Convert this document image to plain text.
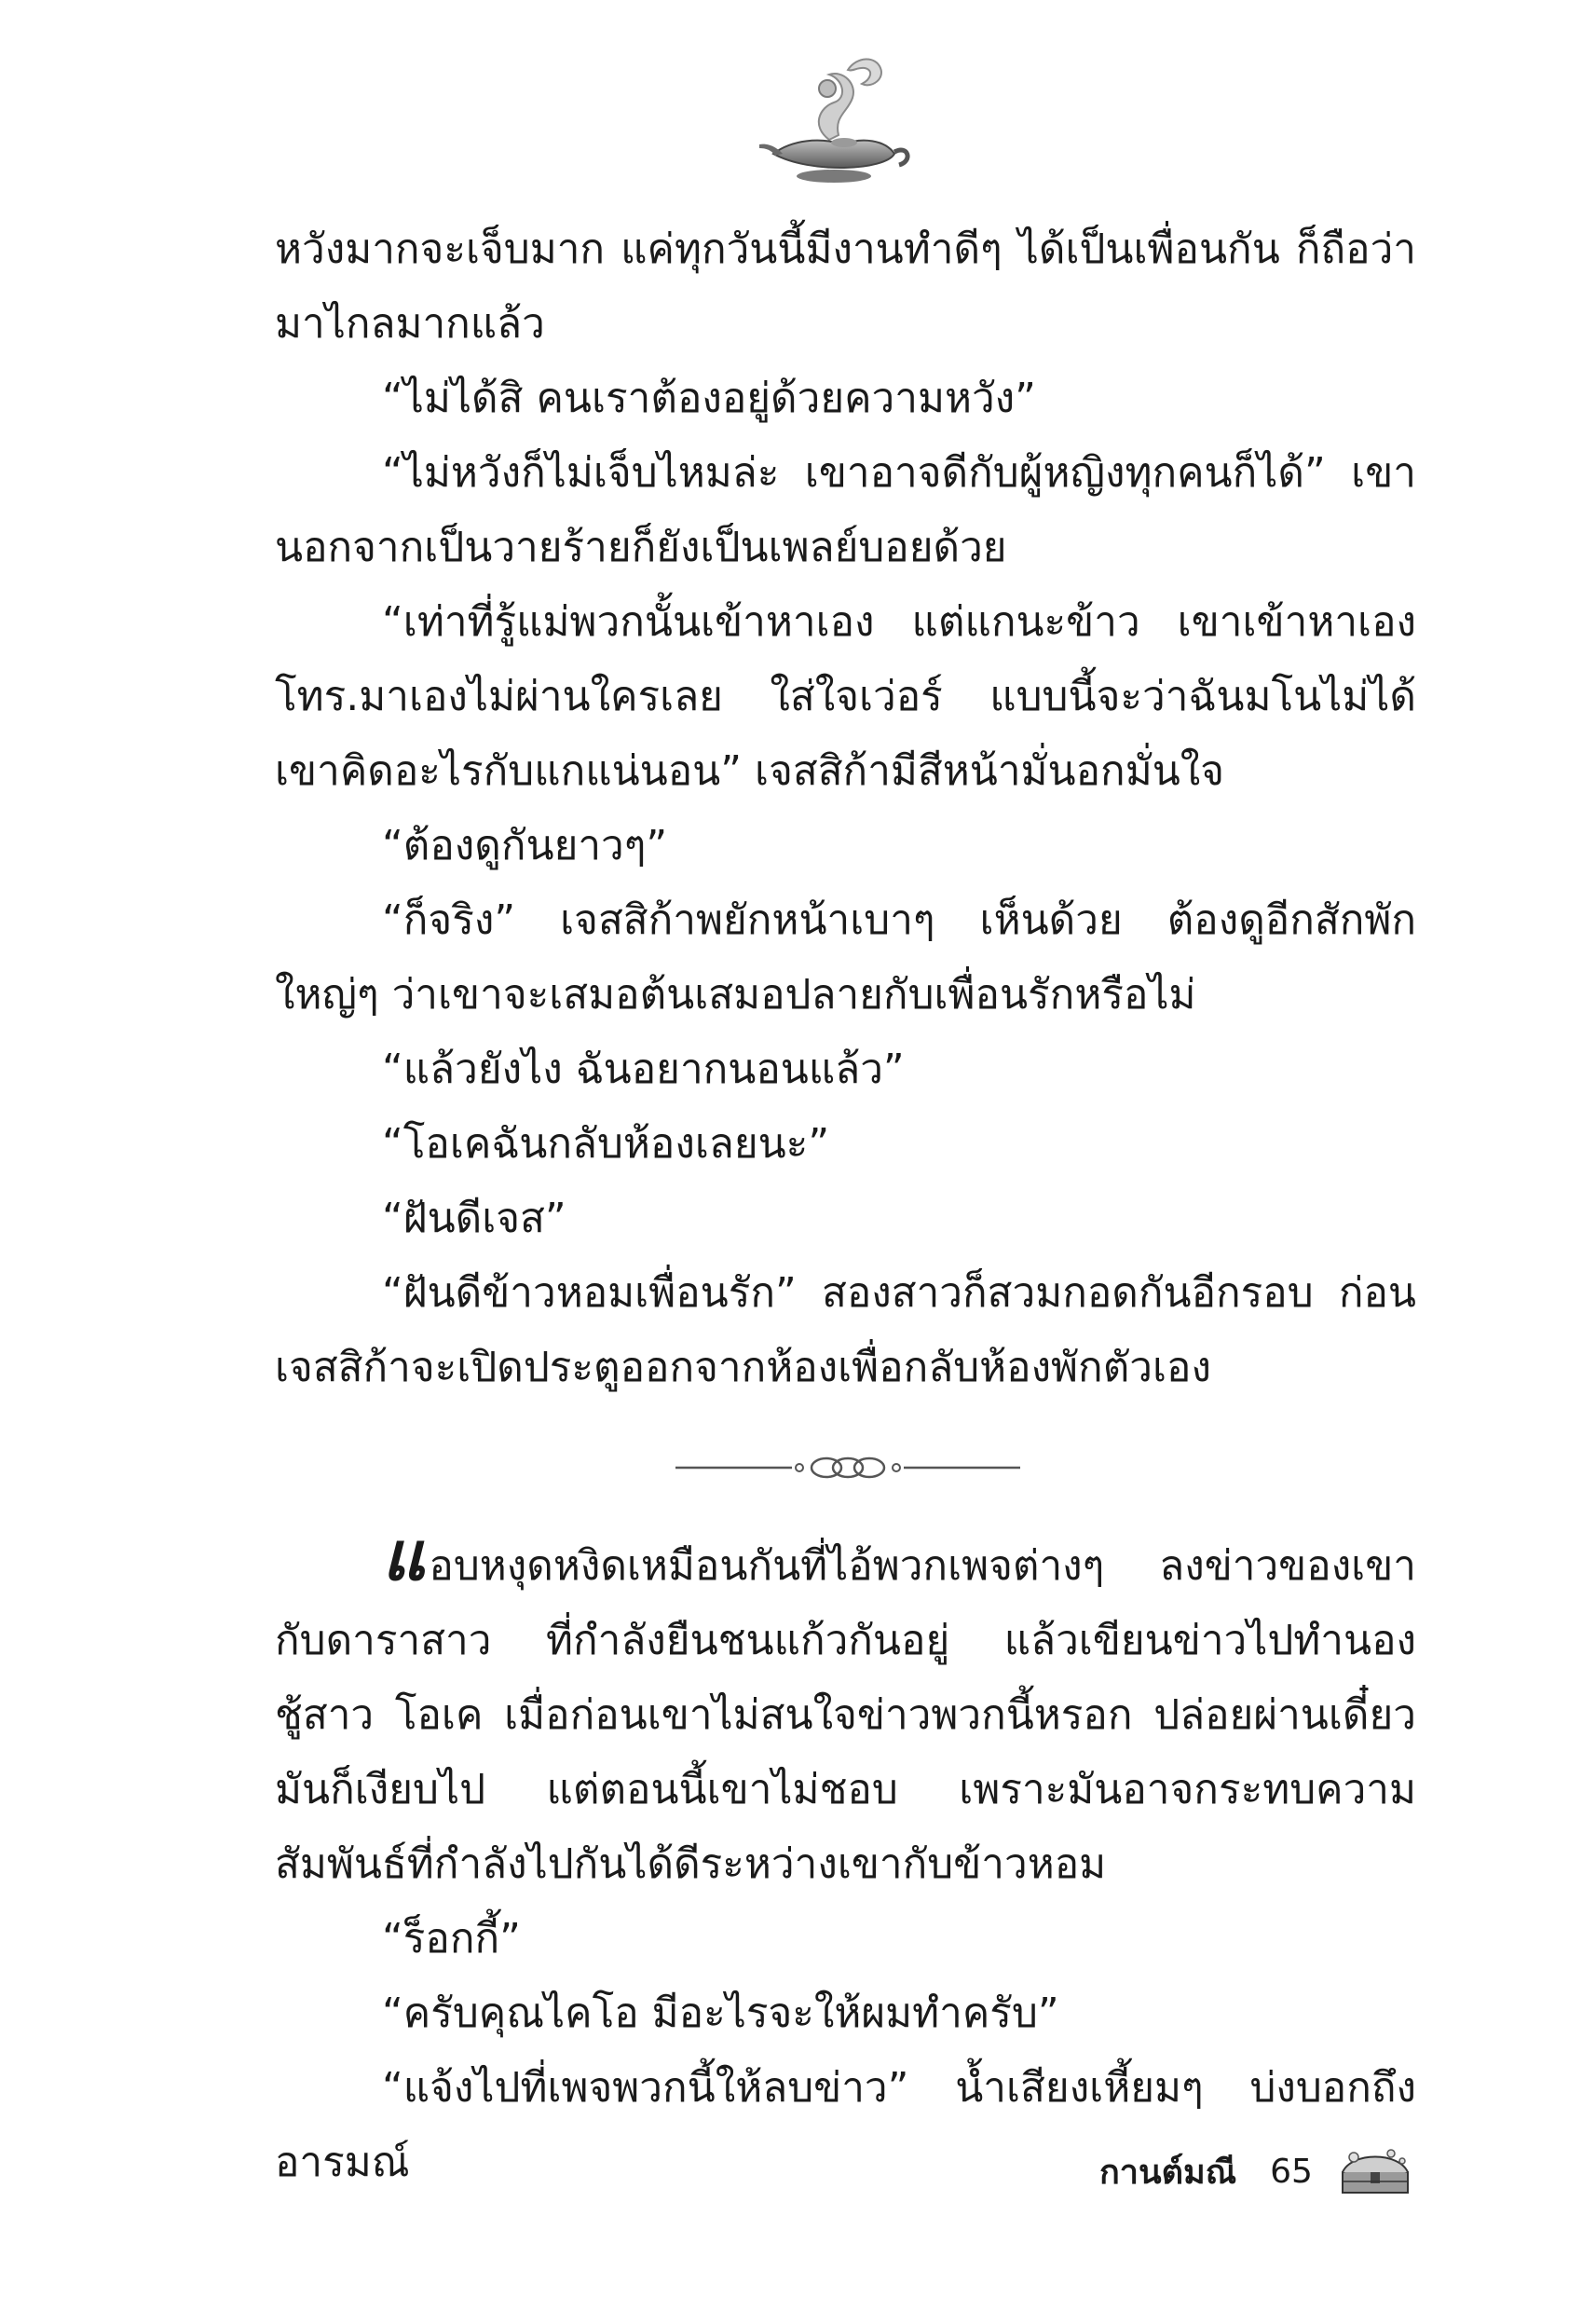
หวังมากจะเจ็บมาก แค่ทุกวันนี้มีงานทำดีๆ ได้เป็นเพื่อนกัน ก็ถือว่ามาไกลมากแล้ว

“ไม่ได้สิ คนเราต้องอยู่ด้วยความหวัง”

“ไม่หวังก็ไม่เจ็บไหมล่ะ เขาอาจดีกับผู้หญิงทุกคนก็ได้” เขานอกจากเป็นวายร้ายก็ยังเป็นเพลย์บอยด้วย

“เท่าที่รู้แม่พวกนั้นเข้าหาเอง แต่แกนะข้าว เขาเข้าหาเอง โทร.มาเองไม่ผ่านใครเลย ใส่ใจเว่อร์ แบบนี้จะว่าฉันมโนไม่ได้ เขาคิดอะไรกับแกแน่นอน” เจสสิก้ามีสีหน้ามั่นอกมั่นใจ

“ต้องดูกันยาวๆ”

“ก็จริง” เจสสิก้าพยักหน้าเบาๆ เห็นด้วย ต้องดูอีกสักพักใหญ่ๆ ว่าเขาจะเสมอต้นเสมอปลายกับเพื่อนรักหรือไม่

“แล้วยังไง ฉันอยากนอนแล้ว”

“โอเคฉันกลับห้องเลยนะ”

“ฝันดีเจส”

“ฝันดีข้าวหอมเพื่อนรัก” สองสาวก็สวมกอดกันอีกรอบ ก่อนเจสสิก้าจะเปิดประตูออกจากห้องเพื่อกลับห้องพักตัวเอง

แอบหงุดหงิดเหมือนกันที่ไอ้พวกเพจต่างๆ ลงข่าวของเขากับดาราสาว ที่กำลังยืนชนแก้วกันอยู่ แล้วเขียนข่าวไปทำนองชู้สาว โอเค เมื่อก่อนเขาไม่สนใจข่าวพวกนี้หรอก ปล่อยผ่านเดี๋ยวมันก็เงียบไป แต่ตอนนี้เขาไม่ชอบ เพราะมันอาจกระทบความสัมพันธ์ที่กำลังไปกันได้ดีระหว่างเขากับข้าวหอม

“ร็อกกี้”

“ครับคุณไคโอ มีอะไรจะให้ผมทำครับ”

“แจ้งไปที่เพจพวกนี้ให้ลบข่าว” น้ำเสียงเหี้ยมๆ บ่งบอกถึงอารมณ์	กานต์มณี 65
